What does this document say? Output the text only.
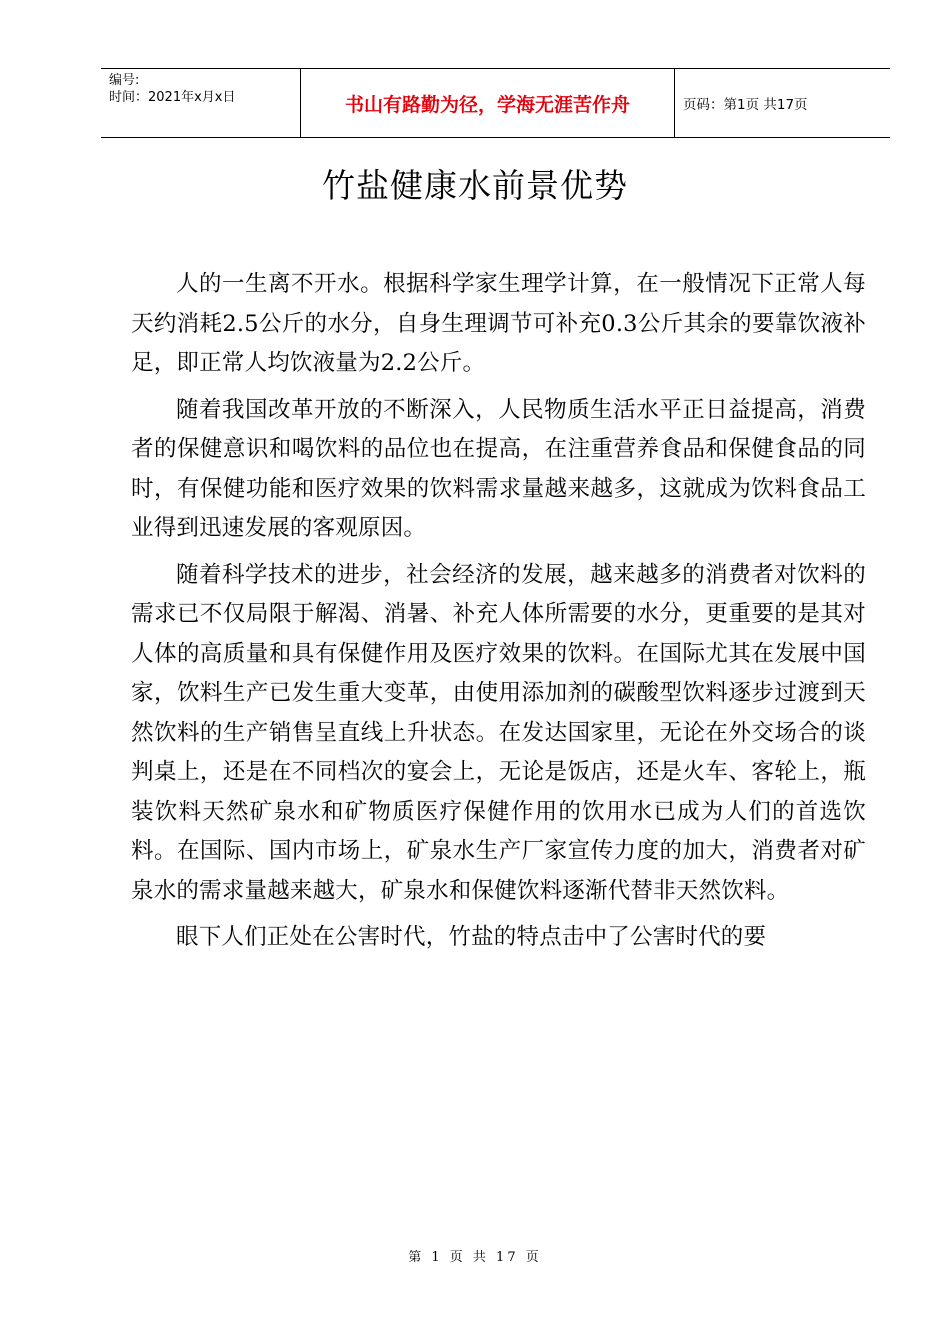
编号:
时间：2021年x月x日	书山有路勤为径，学海无涯苦作舟	页码：第1页 共17页
竹盐健康水前景优势

人的一生离不开水。根据科学家生理学计算，在一般情况下正常人每天约消耗2.5公斤的水分，自身生理调节可补充0.3公斤其余的要靠饮液补足，即正常人均饮液量为2.2公斤。

随着我国改革开放的不断深入，人民物质生活水平正日益提高，消费者的保健意识和喝饮料的品位也在提高，在注重营养食品和保健食品的同时，有保健功能和医疗效果的饮料需求量越来越多，这就成为饮料食品工业得到迅速发展的客观原因。

随着科学技术的进步，社会经济的发展，越来越多的消费者对饮料的需求已不仅局限于解渴、消暑、补充人体所需要的水分，更重要的是其对人体的高质量和具有保健作用及医疗效果的饮料。在国际尤其在发展中国家，饮料生产已发生重大变革，由使用添加剂的碳酸型饮料逐步过渡到天然饮料的生产销售呈直线上升状态。在发达国家里，无论在外交场合的谈判桌上，还是在不同档次的宴会上，无论是饭店，还是火车、客轮上，瓶装饮料天然矿泉水和矿物质医疗保健作用的饮用水已成为人们的首选饮料。在国际、国内市场上，矿泉水生产厂家宣传力度的加大，消费者对矿泉水的需求量越来越大，矿泉水和保健饮料逐渐代替非天然饮料。

眼下人们正处在公害时代，竹盐的特点击中了公害时代的要

第 1 页 共 17 页
